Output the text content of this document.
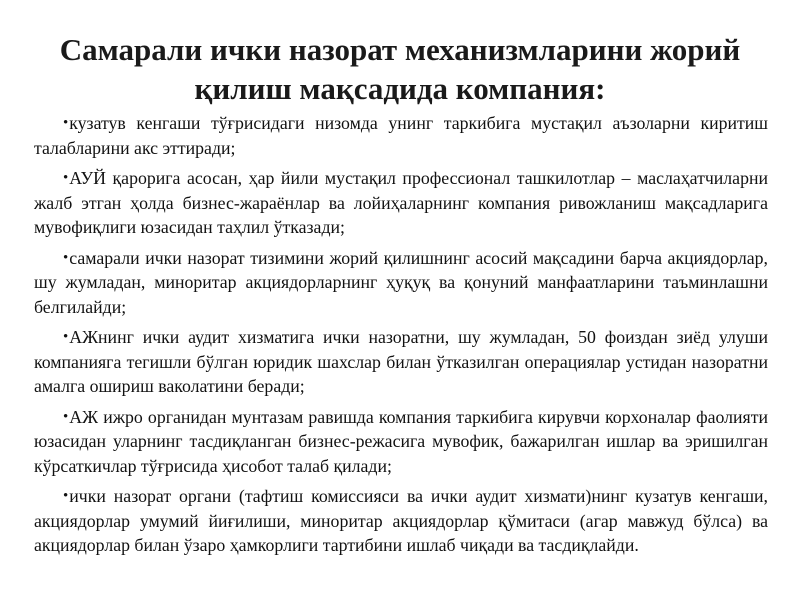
Самарали ички назорат механизмларини жорий
қилиш мақсадида компания:
•кузатув кенгаши тўғрисидаги низомда унинг таркибига мустақил аъзоларни киритиш талабларини акс эттиради;
•АУЙ қарорига асосан, ҳар йили мустақил профессионал ташкилотлар – маслаҳатчиларни жалб этган ҳолда бизнес-жараёнлар ва лойиҳаларнинг компания ривожланиш мақсадларига мувофиқлиги юзасидан таҳлил ўтказади;
•самарали ички назорат тизимини жорий қилишнинг асосий мақсадини барча акциядорлар, шу жумладан, миноритар акциядорларнинг ҳуқуқ ва қонуний манфаатларини таъминлашни белгилайди;
•АЖнинг ички аудит хизматига ички назоратни, шу жумладан, 50 фоиздан зиёд улуши компанияга тегишли бўлган юридик шахслар билан ўтказилган операциялар устидан назоратни амалга ошириш ваколатини беради;
•АЖ ижро органидан мунтазам равишда компания таркибига кирувчи корхоналар фаолияти юзасидан уларнинг тасдиқланган бизнес-режасига мувофик, бажарилган ишлар ва эришилган кўрсаткичлар тўғрисида ҳисобот талаб қилади;
•ички назорат органи (тафтиш комиссияси ва ички аудит хизмати)нинг кузатув кенгаши, акциядорлар умумий йиғилиши, миноритар акциядорлар қўмитаси (агар мавжуд бўлса) ва акциядорлар билан ўзаро ҳамкорлиги тартибини ишлаб чиқади ва тасдиқлайди.
